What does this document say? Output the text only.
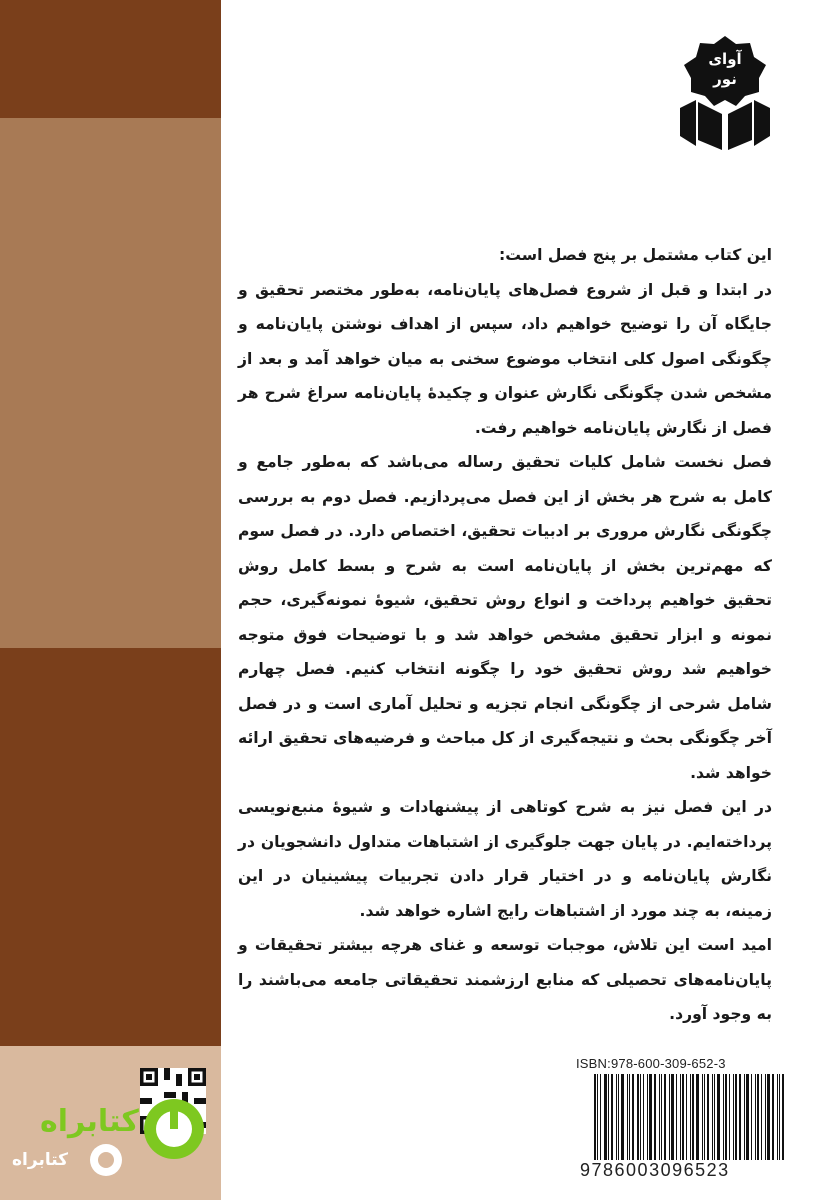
آوای
نور

این کتاب مشتمل بر پنج فصل است:

در ابتدا و قبل از شروع فصل‌های پایان‌نامه، به‌طور مختصر تحقیق و جایگاه آن را توضیح خواهیم داد، سپس از اهداف نوشتن پایان‌نامه و چگونگی اصول کلی انتخاب موضوع سخنی به میان خواهد آمد و بعد از مشخص شدن چگونگی نگارش عنوان و چکیدهٔ پایان‌نامه سراغ شرح هر فصل از نگارش پایان‌نامه خواهیم رفت.

فصل نخست شامل کلیات تحقیق رساله می‌باشد که به‌طور جامع و کامل به شرح هر بخش از این فصل می‌پردازیم. فصل دوم به بررسی چگونگی نگارش مروری بر ادبیات تحقیق، اختصاص دارد. در فصل سوم که مهم‌ترین بخش از پایان‌نامه است به شرح و بسط کامل روش تحقیق خواهیم پرداخت و انواع روش تحقیق، شیوهٔ نمونه‌گیری، حجم نمونه و ابزار تحقیق مشخص خواهد شد و با توضیحات فوق متوجه خواهیم شد روش تحقیق خود را چگونه انتخاب کنیم. فصل چهارم شامل شرحی از چگونگی انجام تجزیه و تحلیل آماری است و در فصل آخر چگونگی بحث و نتیجه‌گیری از کل مباحث و فرضیه‌های تحقیق ارائه خواهد شد.

در این فصل نیز به شرح کوتاهی از پیشنهادات و شیوهٔ منبع‌نویسی پرداخته‌ایم. در پایان جهت جلوگیری از اشتباهات متداول دانشجویان در نگارش پایان‌نامه و در اختیار قرار دادن تجربیات پیشینیان در این زمینه، به چند مورد از اشتباهات رایج اشاره خواهد شد.

امید است این تلاش، موجبات توسعه و غنای هرچه بیشتر تحقیقات و پایان‌نامه‌های تحصیلی که منابع ارزشمند تحقیقاتی جامعه می‌باشند را به وجود آورد.

کتابراه
کتابراه
ISBN:978-600-309-652-3
9786003096523
